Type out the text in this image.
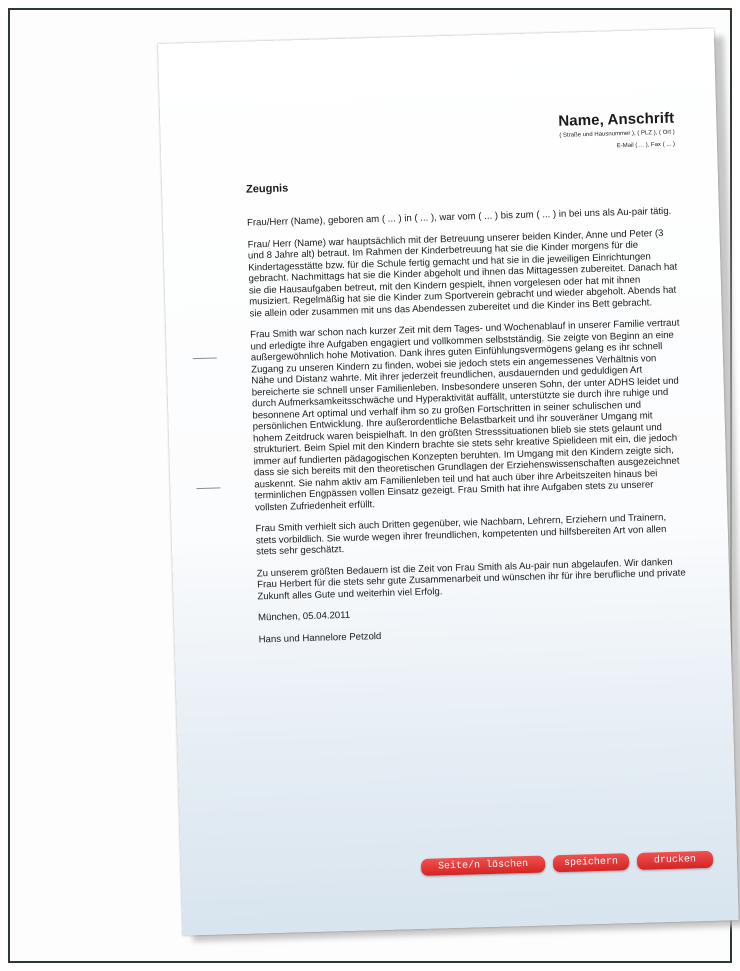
Name, Anschrift
( Straße und Hausnummer ), ( PLZ ), ( Ort )
E-Mail ( ... ), Fax ( ... )
Zeugnis

Frau/Herr (Name), geboren am ( ... ) in ( ... ), war vom ( ... ) bis zum ( ... ) in bei uns als Au-pair tätig.

Frau/ Herr (Name) war hauptsächlich mit der Betreuung unserer beiden Kinder, Anne und Peter (3 und 8 Jahre alt) betraut. Im Rahmen der Kinderbetreuung hat sie die Kinder morgens für die Kindertagesstätte bzw. für die Schule fertig gemacht und hat sie in die jeweiligen Einrichtungen gebracht. Nachmittags hat sie die Kinder abgeholt und ihnen das Mittagessen zubereitet. Danach hat sie die Hausaufgaben betreut, mit den Kindern gespielt, ihnen vorgelesen oder hat mit ihnen musiziert. Regelmäßig hat sie die Kinder zum Sportverein gebracht und wieder abgeholt. Abends hat sie allein oder zusammen mit uns das Abendessen zubereitet und die Kinder ins Bett gebracht.

Frau Smith war schon nach kurzer Zeit mit dem Tages- und Wochenablauf in unserer Familie vertraut und erledigte ihre Aufgaben engagiert und vollkommen selbstständig. Sie zeigte von Beginn an eine außergewöhnlich hohe Motivation. Dank ihres guten Einfühlungsvermögens gelang es ihr schnell Zugang zu unseren Kindern zu finden, wobei sie jedoch stets ein angemessenes Verhältnis von Nähe und Distanz wahrte. Mit ihrer jederzeit freundlichen, ausdauernden und geduldigen Art bereicherte sie schnell unser Familienleben. Insbesondere unseren Sohn, der unter ADHS leidet und durch Aufmerksamkeitsschwäche und Hyperaktivität auffällt, unterstützte sie durch ihre ruhige und besonnene Art optimal und verhalf ihm so zu großen Fortschritten in seiner schulischen und persönlichen Entwicklung. Ihre außerordentliche Belastbarkeit und ihr souveräner Umgang mit hohem Zeitdruck waren beispielhaft. In den größten Stresssituationen blieb sie stets gelaunt und strukturiert. Beim Spiel mit den Kindern brachte sie stets sehr kreative Spielideen mit ein, die jedoch immer auf fundierten pädagogischen Konzepten beruhten. Im Umgang mit den Kindern zeigte sich, dass sie sich bereits mit den theoretischen Grundlagen der Erziehenswissenschaften ausgezeichnet auskennt. Sie nahm aktiv am Familienleben teil und hat auch über ihre Arbeitszeiten hinaus bei terminlichen Engpässen vollen Einsatz gezeigt. Frau Smith hat ihre Aufgaben stets zu unserer vollsten Zufriedenheit erfüllt.

Frau Smith verhielt sich auch Dritten gegenüber, wie Nachbarn, Lehrern, Erziehern und Trainern, stets vorbildlich. Sie wurde wegen ihrer freundlichen, kompetenten und hilfsbereiten Art von allen stets sehr geschätzt.

Zu unserem größten Bedauern ist die Zeit von Frau Smith als Au-pair nun abgelaufen. Wir danken Frau Herbert für die stets sehr gute Zusammenarbeit und wünschen ihr für ihre berufliche und private Zukunft alles Gute und weiterhin viel Erfolg.

München, 05.04.2011

Hans und Hannelore Petzold

Seite/n löschen	speichern	drucken
